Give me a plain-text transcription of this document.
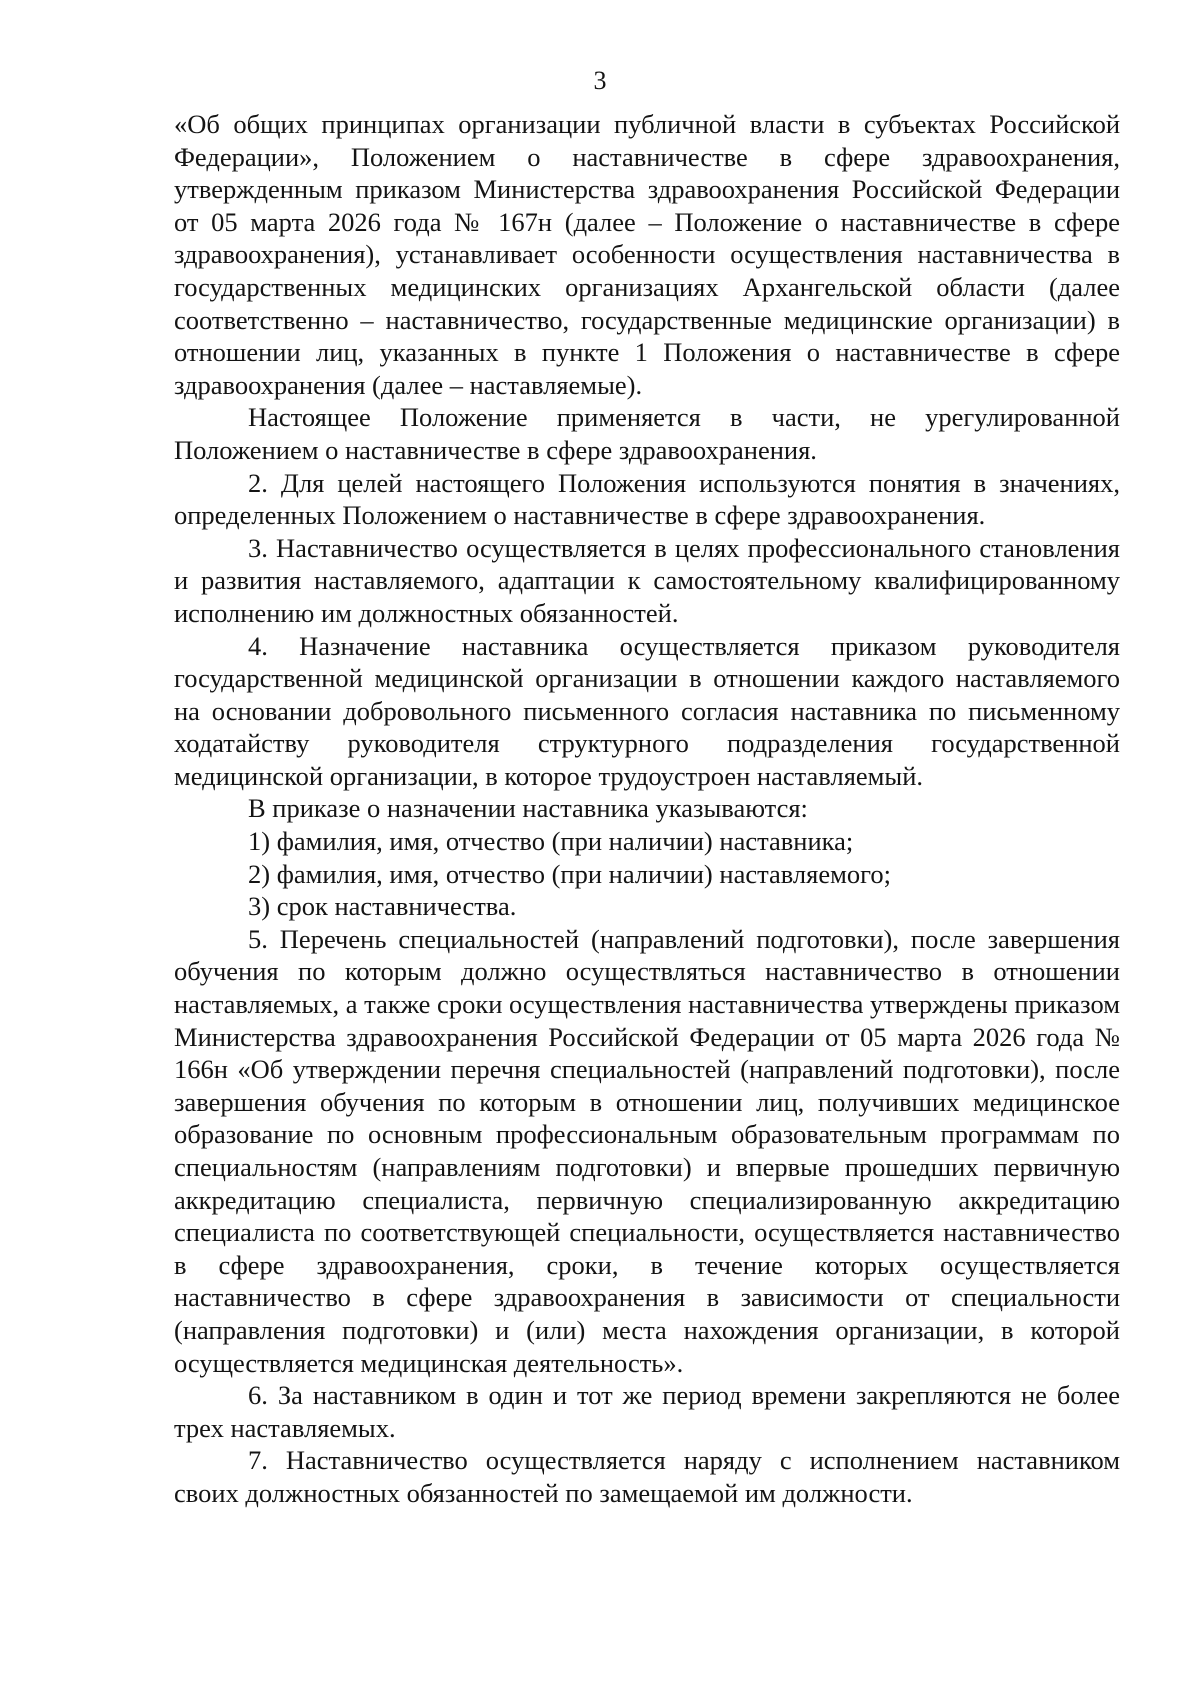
3

«Об общих принципах организации публичной власти в субъектах Российской Федерации», Положением о наставничестве в сфере здравоохранения, утвержденным приказом Министерства здравоохранения Российской Федерации от 05 марта 2026 года № 167н (далее – Положение о наставничестве в сфере здравоохранения), устанавливает особенности осуществления наставничества в государственных медицинских организациях Архангельской области (далее соответственно – наставничество, государственные медицинские организации) в отношении лиц, указанных в пункте 1 Положения о наставничестве в сфере здравоохранения (далее – наставляемые).

Настоящее Положение применяется в части, не урегулированной Положением о наставничестве в сфере здравоохранения.

2. Для целей настоящего Положения используются понятия в значениях, определенных Положением о наставничестве в сфере здравоохранения.

3. Наставничество осуществляется в целях профессионального становления и развития наставляемого, адаптации к самостоятельному квалифицированному исполнению им должностных обязанностей.

4. Назначение наставника осуществляется приказом руководителя государственной медицинской организации в отношении каждого наставляемого на основании добровольного письменного согласия наставника по письменному ходатайству руководителя структурного подразделения государственной медицинской организации, в которое трудоустроен наставляемый.

В приказе о назначении наставника указываются:

1) фамилия, имя, отчество (при наличии) наставника;

2) фамилия, имя, отчество (при наличии) наставляемого;

3) срок наставничества.

5. Перечень специальностей (направлений подготовки), после завершения обучения по которым должно осуществляться наставничество в отношении наставляемых, а также сроки осуществления наставничества утверждены приказом Министерства здравоохранения Российской Федерации от 05 марта 2026 года № 166н «Об утверждении перечня специальностей (направлений подготовки), после завершения обучения по которым в отношении лиц, получивших медицинское образование по основным профессиональным образовательным программам по специальностям (направлениям подготовки) и впервые прошедших первичную аккредитацию специалиста, первичную специализированную аккредитацию специалиста по соответствующей специальности, осуществляется наставничество в сфере здравоохранения, сроки, в течение которых осуществляется наставничество в сфере здравоохранения в зависимости от специальности (направления подготовки) и (или) места нахождения организации, в которой осуществляется медицинская деятельность».

6. За наставником в один и тот же период времени закрепляются не более трех наставляемых.

7. Наставничество осуществляется наряду с исполнением наставником своих должностных обязанностей по замещаемой им должности.
